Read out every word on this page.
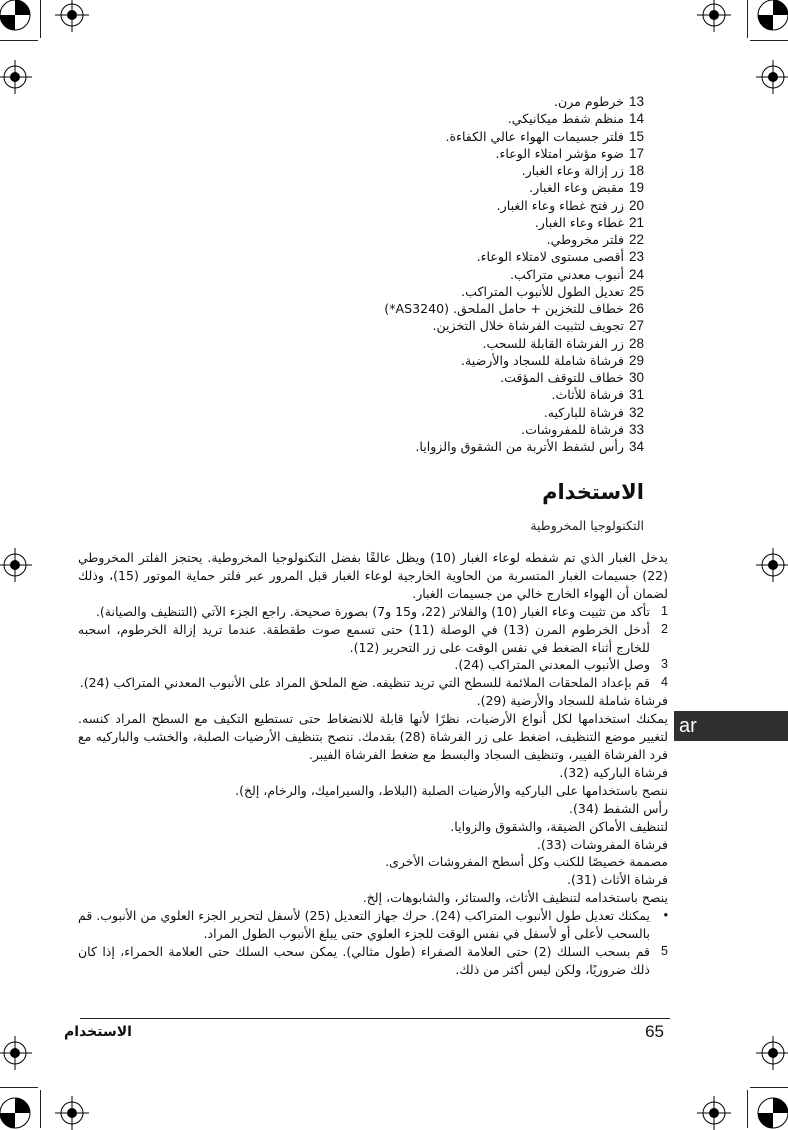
13
خرطوم مرن.
14
منظم شفط ميكانيكي.
15
فلتر جسيمات الهواء عالي الكفاءة.
17
ضوء مؤشر امتلاء الوعاء.
18
زر إزالة وعاء الغبار.
19
مقبض وعاء الغبار.
20
زر فتح غطاء وعاء الغبار.
21
غطاء وعاء الغبار.
22
فلتر مخروطي.
23
أقصى مستوى لامتلاء الوعاء.
24
أنبوب معدني متراكب.
25
تعديل الطول للأنبوب المتراكب.
26
خطاف للتخزين + حامل الملحق. (AS3240*)
27
تجويف لتثبيت الفرشاة خلال التخزين.
28
زر الفرشاة القابلة للسحب.
29
فرشاة شاملة للسجاد والأرضية.
30
خطاف للتوقف المؤقت.
31
فرشاة للأثاث.
32
فرشاة للباركيه.
33
فرشاة للمفروشات.
34
رأس لشفط الأتربة من الشقوق والزوايا.
الاستخدام
التكنولوجيا المخروطية

يدخل الغبار الذي تم شفطه لوعاء الغبار (10) ويظل عالقًا بفضل التكنولوجيا المخروطية. يحتجز الفلتر المخروطي (22) جسيمات الغبار المتسربة من الحاوية الخارجية لوعاء الغبار قبل المرور عبر فلتر حماية الموتور (15)، وذلك لضمان أن الهواء الخارج خالي من جسيمات الغبار.

1
تأكد من تثبيت وعاء الغبار (10) والفلاتر (22، و15 و7) بصورة صحيحة. راجع الجزء الآتي (التنظيف والصيانة).
2
أدخل الخرطوم المرن (13) في الوصلة (11) حتى تسمع صوت طقطقة. عندما تريد إزالة الخرطوم، اسحبه للخارج أثناء الضغط في نفس الوقت على زر التحرير (12).
3
وصل الأنبوب المعدني المتراكب (24).
4
قم بإعداد الملحقات الملائمة للسطح التي تريد تنظيفه. ضع الملحق المراد على الأنبوب المعدني المتراكب (24).

فرشاة شاملة للسجاد والأرضية (29).

يمكنك استخدامها لكل أنواع الأرضيات، نظرًا لأنها قابلة للانضغاط حتى تستطيع التكيف مع السطح المراد كنسه. لتغيير موضع التنظيف، اضغط على زر الفرشاة (28) بقدمك. ننصح بتنظيف الأرضيات الصلبة، والخشب والباركيه مع فرد الفرشاة الفيبر، وتنظيف السجاد والبسط مع ضغط الفرشاة الفيبر.

فرشاة الباركيه (32).

ننصح باستخدامها على الباركيه والأرضيات الصلبة (البلاط، والسيراميك، والرخام، إلخ).

رأس الشفط (34).

لتنظيف الأماكن الضيقة، والشقوق والزوايا.

فرشاة المفروشات (33).

مصممة خصيصًا للكنب وكل أسطح المفروشات الأخرى.

فرشاة الأثاث (31).

ينصح باستخدامه لتنظيف الأثاث، والستائر، والشابوهات، إلخ.

•
يمكنك تعديل طول الأنبوب المتراكب (24). حرك جهاز التعديل (25) لأسفل لتحرير الجزء العلوي من الأنبوب. قم بالسحب لأعلى أو لأسفل في نفس الوقت للجزء العلوي حتى يبلغ الأنبوب الطول المراد.
5
قم بسحب السلك (2) حتى العلامة الصفراء (طول مثالي). يمكن سحب السلك حتى العلامة الحمراء، إذا كان ذلك ضروريًا، ولكن ليس أكثر من ذلك.
ar
الاستخدام	65
